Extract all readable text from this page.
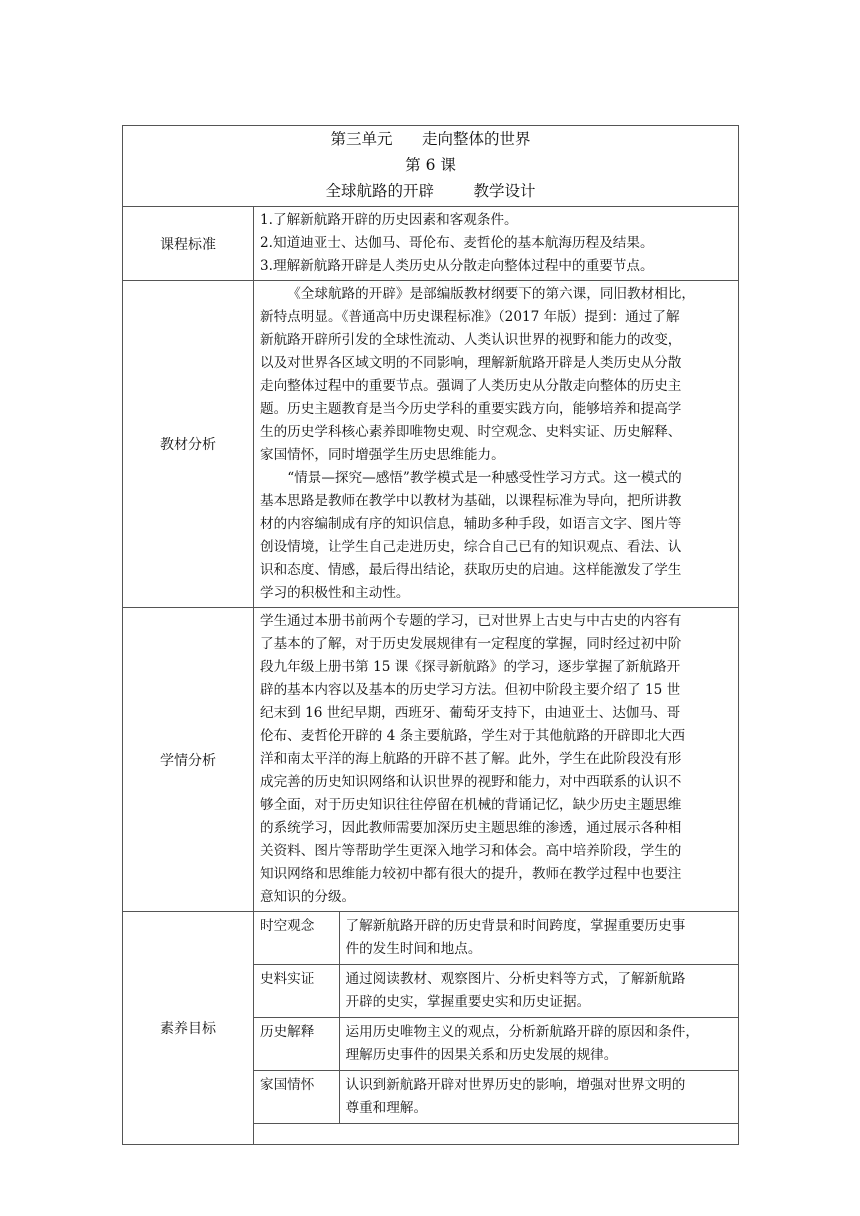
第三单元      走向整体的世界
第 6 课
全球航路的开辟        教学设计

课程标准	
1.了解新航路开辟的历史因素和客观条件。
2.知道迪亚士、达伽马、哥伦布、麦哲伦的基本航海历程及结果。
3.理解新航路开辟是人类历史从分散走向整体过程中的重要节点。

教材分析	
《全球航路的开辟》是部编版教材纲要下的第六课，同旧教材相比，
新特点明显。《普通高中历史课程标准》（2017 年版）提到：通过了解
新航路开辟所引发的全球性流动、人类认识世界的视野和能力的改变，
以及对世界各区域文明的不同影响，理解新航路开辟是人类历史从分散
走向整体过程中的重要节点。强调了人类历史从分散走向整体的历史主
题。历史主题教育是当今历史学科的重要实践方向，能够培养和提高学
生的历史学科核心素养即唯物史观、时空观念、史料实证、历史解释、
家国情怀，同时增强学生历史思维能力。
“情景—探究—感悟”教学模式是一种感受性学习方式。这一模式的
基本思路是教师在教学中以教材为基础，以课程标准为导向，把所讲教
材的内容编制成有序的知识信息，辅助多种手段，如语言文字、图片等
创设情境，让学生自己走进历史，综合自己已有的知识观点、看法、认
识和态度、情感，最后得出结论，获取历史的启迪。这样能激发了学生
学习的积极性和主动性。

学情分析	
学生通过本册书前两个专题的学习，已对世界上古史与中古史的内容有
了基本的了解，对于历史发展规律有一定程度的掌握，同时经过初中阶
段九年级上册书第 15 课《探寻新航路》的学习，逐步掌握了新航路开
辟的基本内容以及基本的历史学习方法。但初中阶段主要介绍了 15 世
纪末到 16 世纪早期，西班牙、葡萄牙支持下，由迪亚士、达伽马、哥
伦布、麦哲伦开辟的 4 条主要航路，学生对于其他航路的开辟即北大西
洋和南太平洋的海上航路的开辟不甚了解。此外，学生在此阶段没有形
成完善的历史知识网络和认识世界的视野和能力，对中西联系的认识不
够全面，对于历史知识往往停留在机械的背诵记忆，缺少历史主题思维
的系统学习，因此教师需要加深历史主题思维的渗透，通过展示各种相
关资料、图片等帮助学生更深入地学习和体会。高中培养阶段，学生的
知识网络和思维能力较初中都有很大的提升，教师在教学过程中也要注
意知识的分级。

素养目标	
时空观念	了解新航路开辟的历史背景和时间跨度，掌握重要历史事
件的发生时间和地点。

史料实证	通过阅读教材、观察图片、分析史料等方式，了解新航路
开辟的史实，掌握重要史实和历史证据。

历史解释	运用历史唯物主义的观点，分析新航路开辟的原因和条件，
理解历史事件的因果关系和历史发展的规律。

家国情怀	认识到新航路开辟对世界历史的影响，增强对世界文明的
尊重和理解。
